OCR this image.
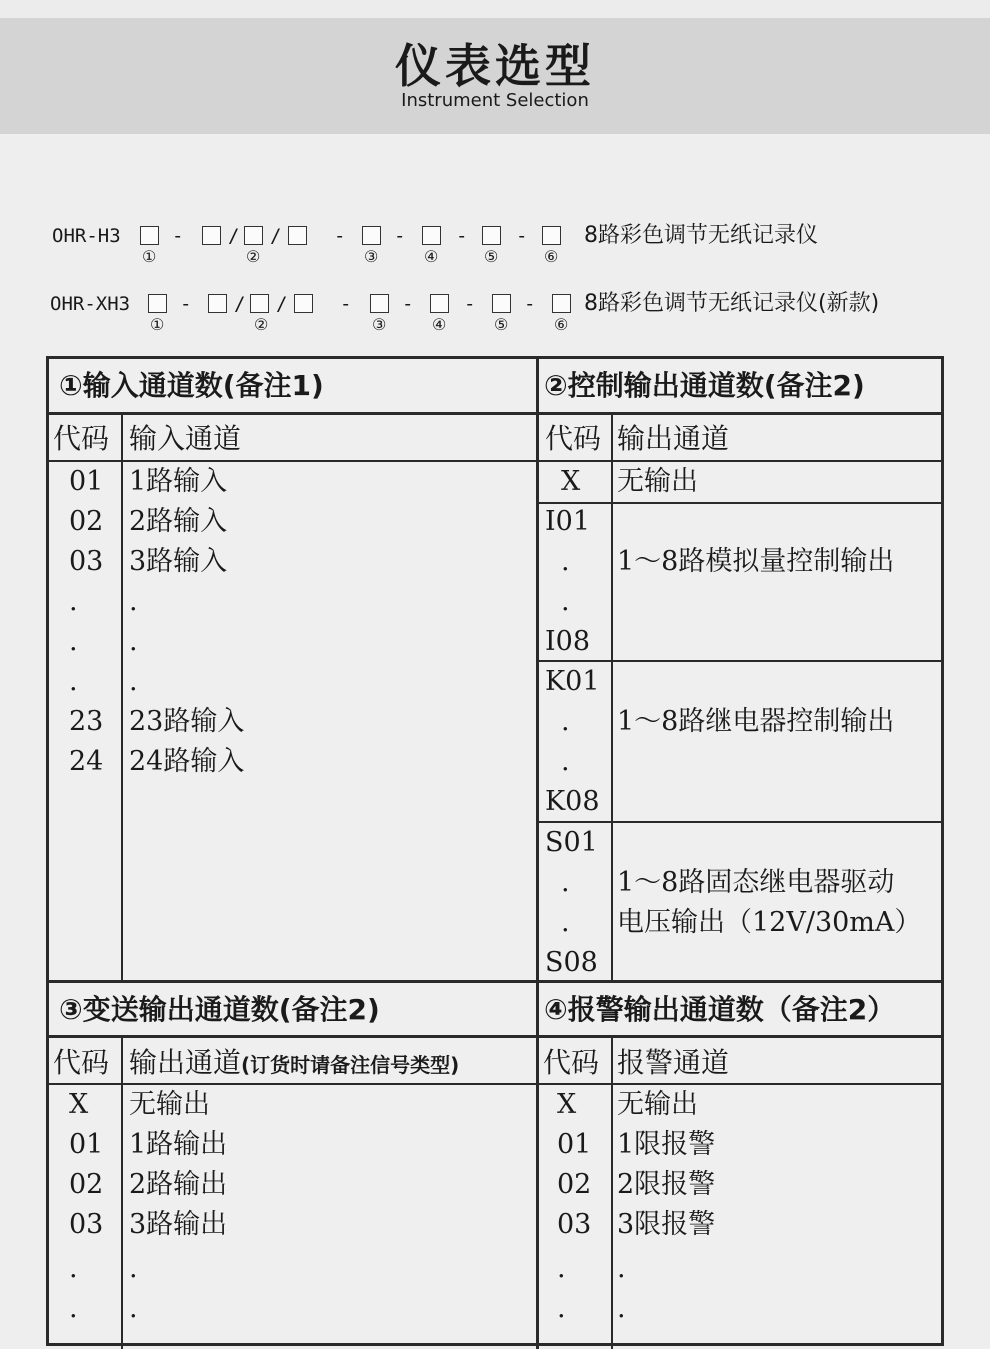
仪表选型
Instrument Selection
OHR-H3	- / /	-	-	-	-	8路彩色调节无纸记录仪
①	②	③	④	⑤	⑥
OHR-XH3	- / /	-	-	-	- 8路彩色调节无纸记录仪(新款)
①	②	③	④	⑤	⑥
①输入通道数(备注1)	②控制输出通道数(备注2)
③变送输出通道数(备注2)	④报警输出通道数（备注2）
代码 输入通道
01 1路输入
02 2路输入
03 3路输入
. .
. .
. .
23 23路输入
24 24路输入
代码 输出通道
X 无输出
I01
.
.
I08
1～8路模拟量控制输出
K01
.
.
K08
1～8路继电器控制输出
S01
.
.
S08
1～8路固态继电器驱动
电压输出（12V/30mA）
代码 输出通道(订货时请备注信号类型)
X 无输出
01 1路输出
02 2路输出
03 3路输出
. .
. .
代码 报警通道
X 无输出
01 1限报警
02 2限报警
03 3限报警
. .
. .
